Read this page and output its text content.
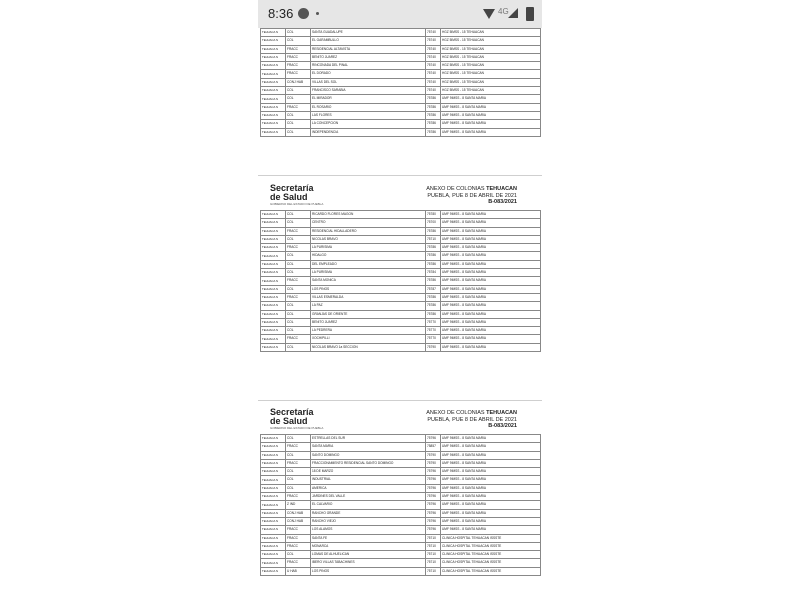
8:36	4G
TEHUACA N	COL	SANTA GUADALUPE	75740	HGZ 5IMSS - 15 TEHUACAN
TEHUACA N	COL	EL GARAMBULLO	75740	HGZ 5IMSS - 15 TEHUACAN
TEHUACA N	FRACC	RESIDENCIAL ALTAVISTA	75740	HGZ 5IMSS - 15 TEHUACAN
TEHUACA N	FRACC	BENITO JUAREZ	75740	HGZ 5IMSS - 15 TEHUACAN
TEHUACA N	FRACC	RINCONADA DEL PINAL	75740	HGZ 5IMSS - 15 TEHUACAN
TEHUACA N	FRACC	EL DORADO	75740	HGZ 5IMSS - 15 TEHUACAN
TEHUACA N	CONJ HAB	VILLAS DEL SOL	75740	HGZ 5IMSS - 15 TEHUACAN
TEHUACA N	COL	FRANCISCO SARABIA	75740	HGZ 5IMSS - 15 TEHUACAN
TEHUACA N	COL	EL MIRADOR	75786	UMF 9IMSS - 8 SANTA MARIA
TEHUACA N	FRACC	EL ROSARIO	75786	UMF 9IMSS - 8 SANTA MARIA
TEHUACA N	COL	LAS FLORES	75786	UMF 9IMSS - 8 SANTA MARIA
TEHUACA N	COL	LA CONCEPCION	75786	UMF 9IMSS - 8 SANTA MARIA
TEHUACA N	COL	INDEPENDENCIA	75786	UMF 9IMSS - 8 SANTA MARIA
Secretaría
de Salud
GOBIERNO DEL ESTADO DE PUEBLA
ANEXO DE COLONIAS TEHUACAN
PUEBLA, PUE 8 DE ABRIL DE 2021
B-083/2021
TEHUACA N	COL	RICARDO FLORES MAGON	75780	UMF 9IMSS - 8 SANTA MARIA
TEHUACA N	COL	CENTRO	75700	UMF 9IMSS - 8 SANTA MARIA
TEHUACA N	FRACC	RESIDENCIAL HIDALLADERO	75786	UMF 9IMSS - 8 SANTA MARIA
TEHUACA N	COL	NICOLAS BRAVO	75710	UMF 9IMSS - 8 SANTA MARIA
TEHUACA N	FRACC	LA PURISIMA	75786	UMF 9IMSS - 8 SANTA MARIA
TEHUACA N	COL	HIDALGO	75786	UMF 9IMSS - 8 SANTA MARIA
TEHUACA N	COL	DEL EMPLEADO	75786	UMF 9IMSS - 8 SANTA MARIA
TEHUACA N	COL	LA PURISIMA	75784	UMF 9IMSS - 8 SANTA MARIA
TEHUACA N	FRACC	SANTA MONICA	75786	UMF 9IMSS - 8 SANTA MARIA
TEHUACA N	COL	LOS PINOS	75787	UMF 9IMSS - 8 SANTA MARIA
TEHUACA N	FRACC	VILLAS ESMERALDA	75786	UMF 9IMSS - 8 SANTA MARIA
TEHUACA N	COL	LA PAZ	75786	UMF 9IMSS - 8 SANTA MARIA
TEHUACA N	COL	GRANJAS DE ORIENTE	75786	UMF 9IMSS - 8 SANTA MARIA
TEHUACA N	COL	BENITO JUAREZ	75770	UMF 9IMSS - 8 SANTA MARIA
TEHUACA N	COL	LA PEDRERA	75770	UMF 9IMSS - 8 SANTA MARIA
TEHUACA N	FRACC	XOCHIPILLI	75770	UMF 9IMSS - 8 SANTA MARIA
TEHUACA N	COL	NICOLAS BRAVO 1a SECCION	75790	UMF 9IMSS - 8 SANTA MARIA
Secretaría
de Salud
GOBIERNO DEL ESTADO DE PUEBLA
ANEXO DE COLONIAS TEHUACAN
PUEBLA, PUE 8 DE ABRIL DE 2021
B-083/2021
TEHUACA N	COL	ESTRELLAS DEL SUR	75796	UMF 9IMSS - 8 SANTA MARIA
TEHUACA N	FRACC	SANTA MARIA	75857	UMF 9IMSS - 8 SANTA MARIA
TEHUACA N	COL	SANTO DOMINGO	75790	UMF 9IMSS - 8 SANTA MARIA
TEHUACA N	FRACC	FRACCIONAMIENTO RESIDENCIAL SANTO DOMINGO	75790	UMF 9IMSS - 8 SANTA MARIA
TEHUACA N	COL	18 DE MARZO	75796	UMF 9IMSS - 8 SANTA MARIA
TEHUACA N	COL	INDUSTRIAL	75796	UMF 9IMSS - 8 SANTA MARIA
TEHUACA N	COL	AMERICA	75796	UMF 9IMSS - 8 SANTA MARIA
TEHUACA N	FRACC	JARDINES DEL VALLE	75796	UMF 9IMSS - 8 SANTA MARIA
TEHUACA N	Z IND	EL CALVARIO	75796	UMF 9IMSS - 8 SANTA MARIA
TEHUACA N	CONJ HAB	RANCHO GRANDE	75796	UMF 9IMSS - 8 SANTA MARIA
TEHUACA N	CONJ HAB	RANCHO VIEJO	75796	UMF 9IMSS - 8 SANTA MARIA
TEHUACA N	FRACC	LOS ALAMOS	75796	UMF 9IMSS - 8 SANTA MARIA
TEHUACA N	FRACC	SANTA FE	75710	CLINICA HOSPITAL TEHUACAN ISSSTE
TEHUACA N	FRACC	MONARCA	75710	CLINICA HOSPITAL TEHUACAN ISSSTE
TEHUACA N	COL	LOMAS DE ALHUELICAN	75710	CLINICA HOSPITAL TEHUACAN ISSSTE
TEHUACA N	FRACC	IBERO VILLAS TABACHINES	75710	CLINICA HOSPITAL TEHUACAN ISSSTE
TEHUACA N	U HAB	LOS PINOS	75710	CLINICA HOSPITAL TEHUACAN ISSSTE
